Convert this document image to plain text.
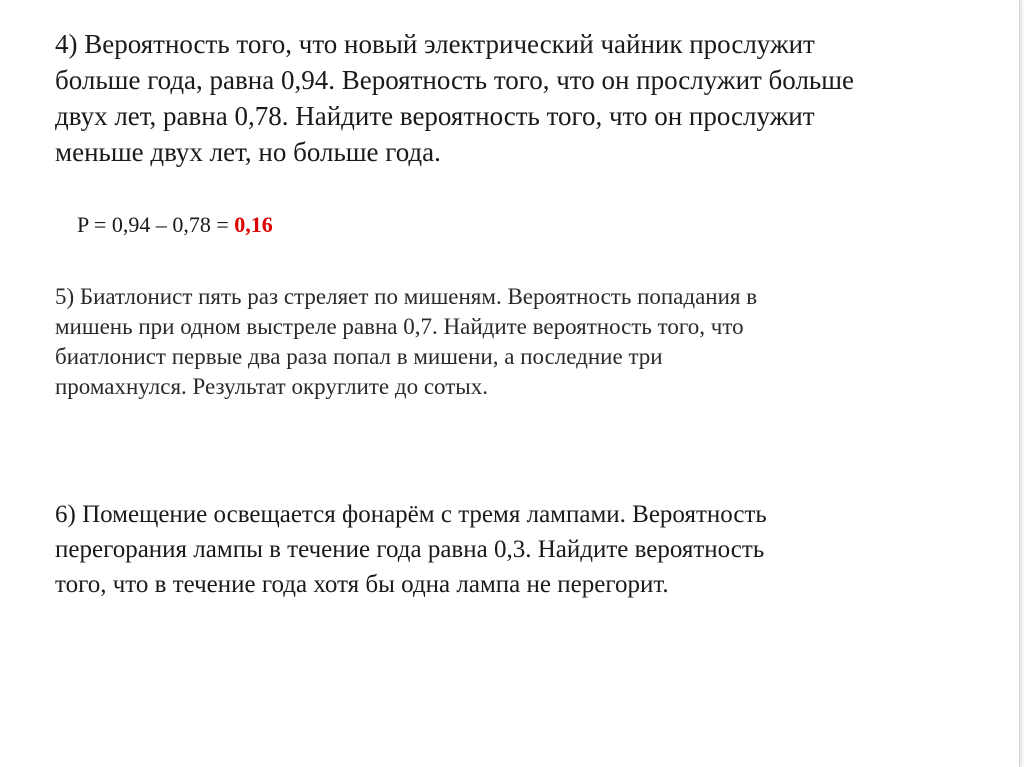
4) Вероятность того, что новый электрический чайник прослужит
больше года, равна 0,94. Вероятность того, что он прослужит больше
двух лет, равна 0,78. Найдите вероятность того, что он прослужит
меньше двух лет, но больше года.

P = 0,94 – 0,78 = 0,16

5) Биатлонист пять раз стреляет по мишеням. Вероятность попадания в
мишень при одном выстреле равна 0,7. Найдите вероятность того, что
биатлонист первые два раза попал в мишени, а последние три
промахнулся. Результат округлите до сотых.

6) Помещение освещается фонарём с тремя лампами. Вероятность
перегорания лампы в течение года равна 0,3. Найдите вероятность
того, что в течение года хотя бы одна лампа не перегорит.
